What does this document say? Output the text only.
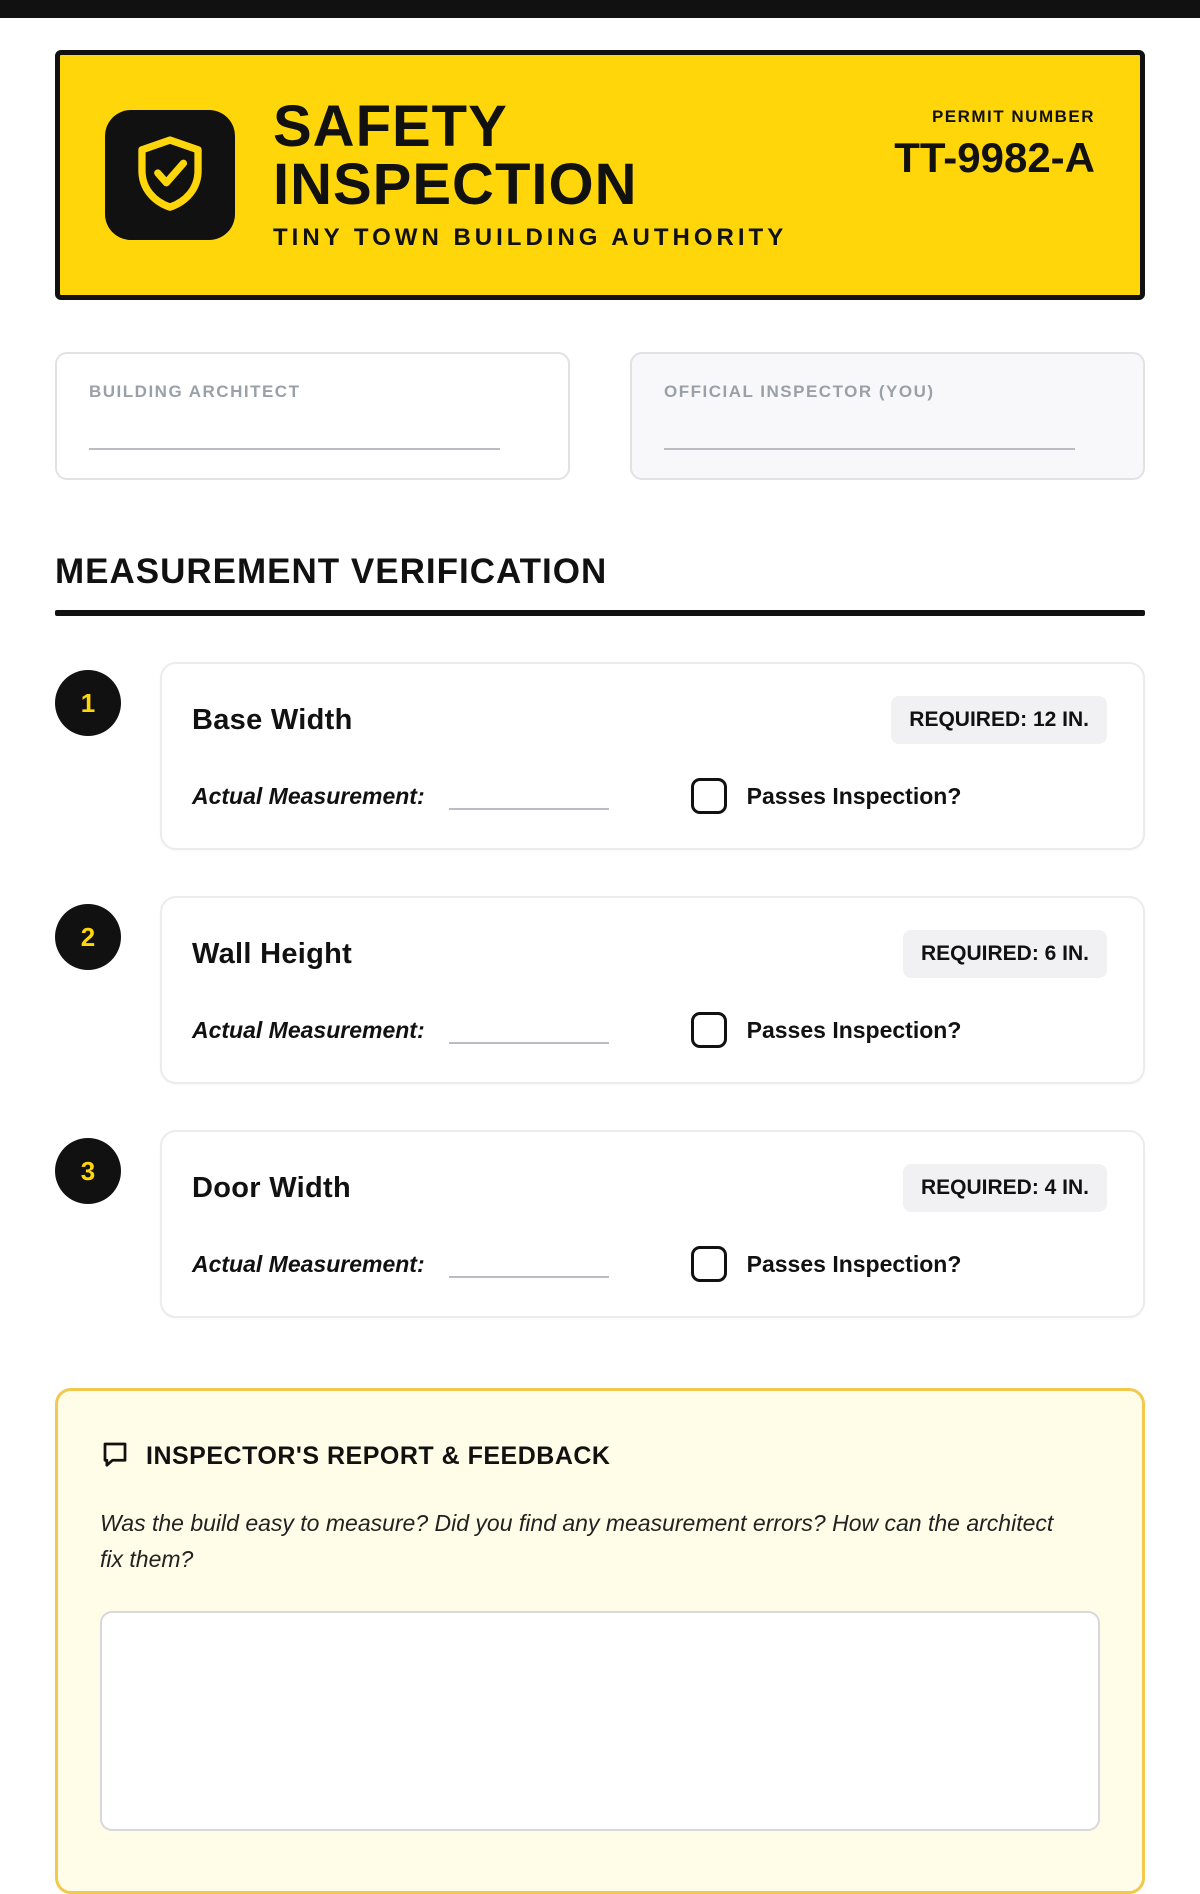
SAFETY
INSPECTION
TINY TOWN BUILDING AUTHORITY
PERMIT NUMBER
TT-9982-A
BUILDING ARCHITECT	OFFICIAL INSPECTOR (YOU)
MEASUREMENT VERIFICATION
1
Base Width	REQUIRED: 12 IN.
Actual Measurement:	Passes Inspection?
2
Wall Height	REQUIRED: 6 IN.
Actual Measurement:	Passes Inspection?
3
Door Width	REQUIRED: 4 IN.
Actual Measurement:	Passes Inspection?
INSPECTOR'S REPORT & FEEDBACK
Was the build easy to measure? Did you find any measurement errors? How can the architect fix them?
